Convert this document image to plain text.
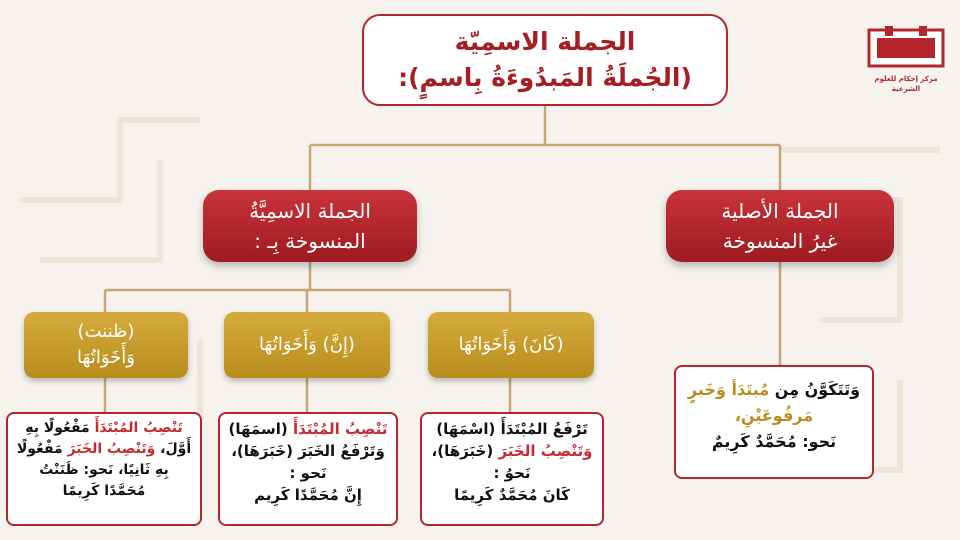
مركز إحكام للعلوم الشرعية
الجملة الاسمِيّة
(الجُملَةُ المَبدُوءَةُ بِاسمٍ):
الجملة الاسمِيَّةُ
المنسوخة بِـ :
الجملة الأصلية
غيرُ المنسوخة
(ظننت)
وَأَخَوَاتُهَا
(إِنَّ) وَأَخَوَاتُهَا	(كَانَ) وَأَخَوَاتُهَا
تَنْصِبُ المُبْتَدَأَ مَفْعُولًا بِهِ
أَوَّلَ، وَتَنْصِبُ الخَبَرَ مَفْعُولًا
بِهِ ثَانِيًا، نَحو: ظَنَنْتُ
مُحَمَّدًا كَرِيمًا
تَنْصِبُ المُبْتَدَأَ (اسمَهَا)
وَتَرْفَعُ الخَبَرَ (خَبَرَهَا)،
نَحو :
إِنَّ مُحَمَّدًا كَرِيم
تَرْفَعُ المُبْتَدَأَ (اسْمَهَا)
وَتَنْصِبُ الخَبَرَ (خَبَرَهَا)،
نَحوُ :
كَانَ مُحَمَّدٌ كَرِيمًا
وَتَتَكَوَّنُ مِن مُبتَدَأ وَخَبرٍ
مَرفُوعَيْنِ،
نَحو: مُحَمَّدٌ كَرِيمٌ
